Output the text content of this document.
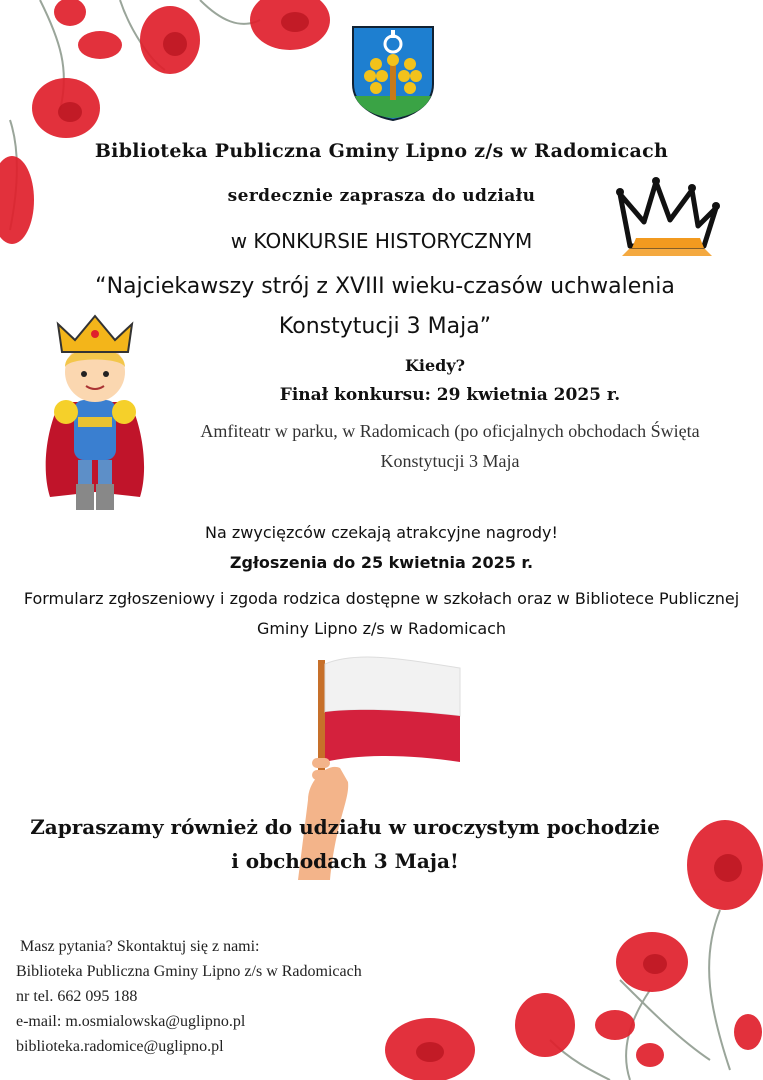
Biblioteka Publiczna Gminy Lipno z/s w Radomicach
serdecznie zaprasza do udziału
w KONKURSIE HISTORYCZNYM
“Najciekawszy strój z XVIII wieku-czasów uchwalenia Konstytucji 3 Maja”
Kiedy?
Finał konkursu: 29 kwietnia 2025 r.
Amfiteatr w parku, w Radomicach (po oficjalnych obchodach Święta Konstytucji 3 Maja
Na zwycięzców czekają atrakcyjne nagrody!
Zgłoszenia do 25 kwietnia 2025 r.
Formularz zgłoszeniowy i zgoda rodzica dostępne w szkołach oraz w Bibliotece Publicznej Gminy Lipno z/s w Radomicach
Zapraszamy również do udziału w uroczystym pochodzie
i obchodach 3 Maja!
Masz pytania? Skontaktuj się z nami:
Biblioteka Publiczna Gminy Lipno z/s w Radomicach
nr tel. 662 095 188
e-mail: m.osmialowska@uglipno.pl
biblioteka.radomice@uglipno.pl
